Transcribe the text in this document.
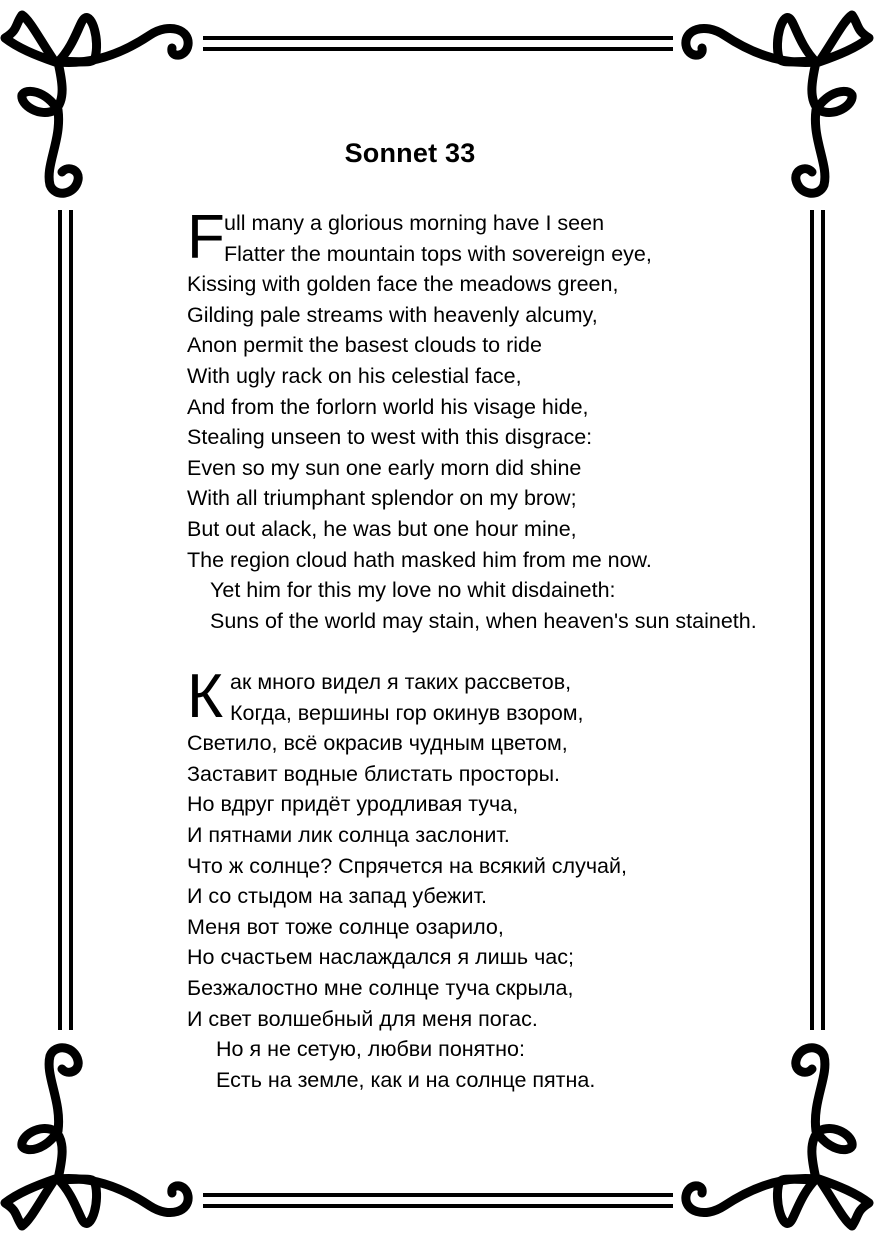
Sonnet 33
F ull many a glorious morning have I seen
Flatter the mountain tops with sovereign eye,
Kissing with golden face the meadows green,
Gilding pale streams with heavenly alcumy,
Anon permit the basest clouds to ride
With ugly rack on his celestial face,
And from the forlorn world his visage hide,
Stealing unseen to west with this disgrace:
Even so my sun one early morn did shine
With all triumphant splendor on my brow;
But out alack, he was but one hour mine,
The region cloud hath masked him from me now.
Yet him for this my love no whit disdaineth:
Suns of the world may stain, when heaven's sun staineth.
К ак много видел я таких рассветов,
Когда, вершины гор окинув взором,
Светило, всё окрасив чудным цветом,
Заставит водные блистать просторы.
Но вдруг придёт уродливая туча,
И пятнами лик солнца заслонит.
Что ж солнце? Спрячется на всякий случай,
И со стыдом на запад убежит.
Меня вот тоже солнце озарило,
Но счастьем наслаждался я лишь час;
Безжалостно мне солнце туча скрыла,
И свет волшебный для меня погас.
Но я не сетую, любви понятно:
Есть на земле, как и на солнце пятна.
